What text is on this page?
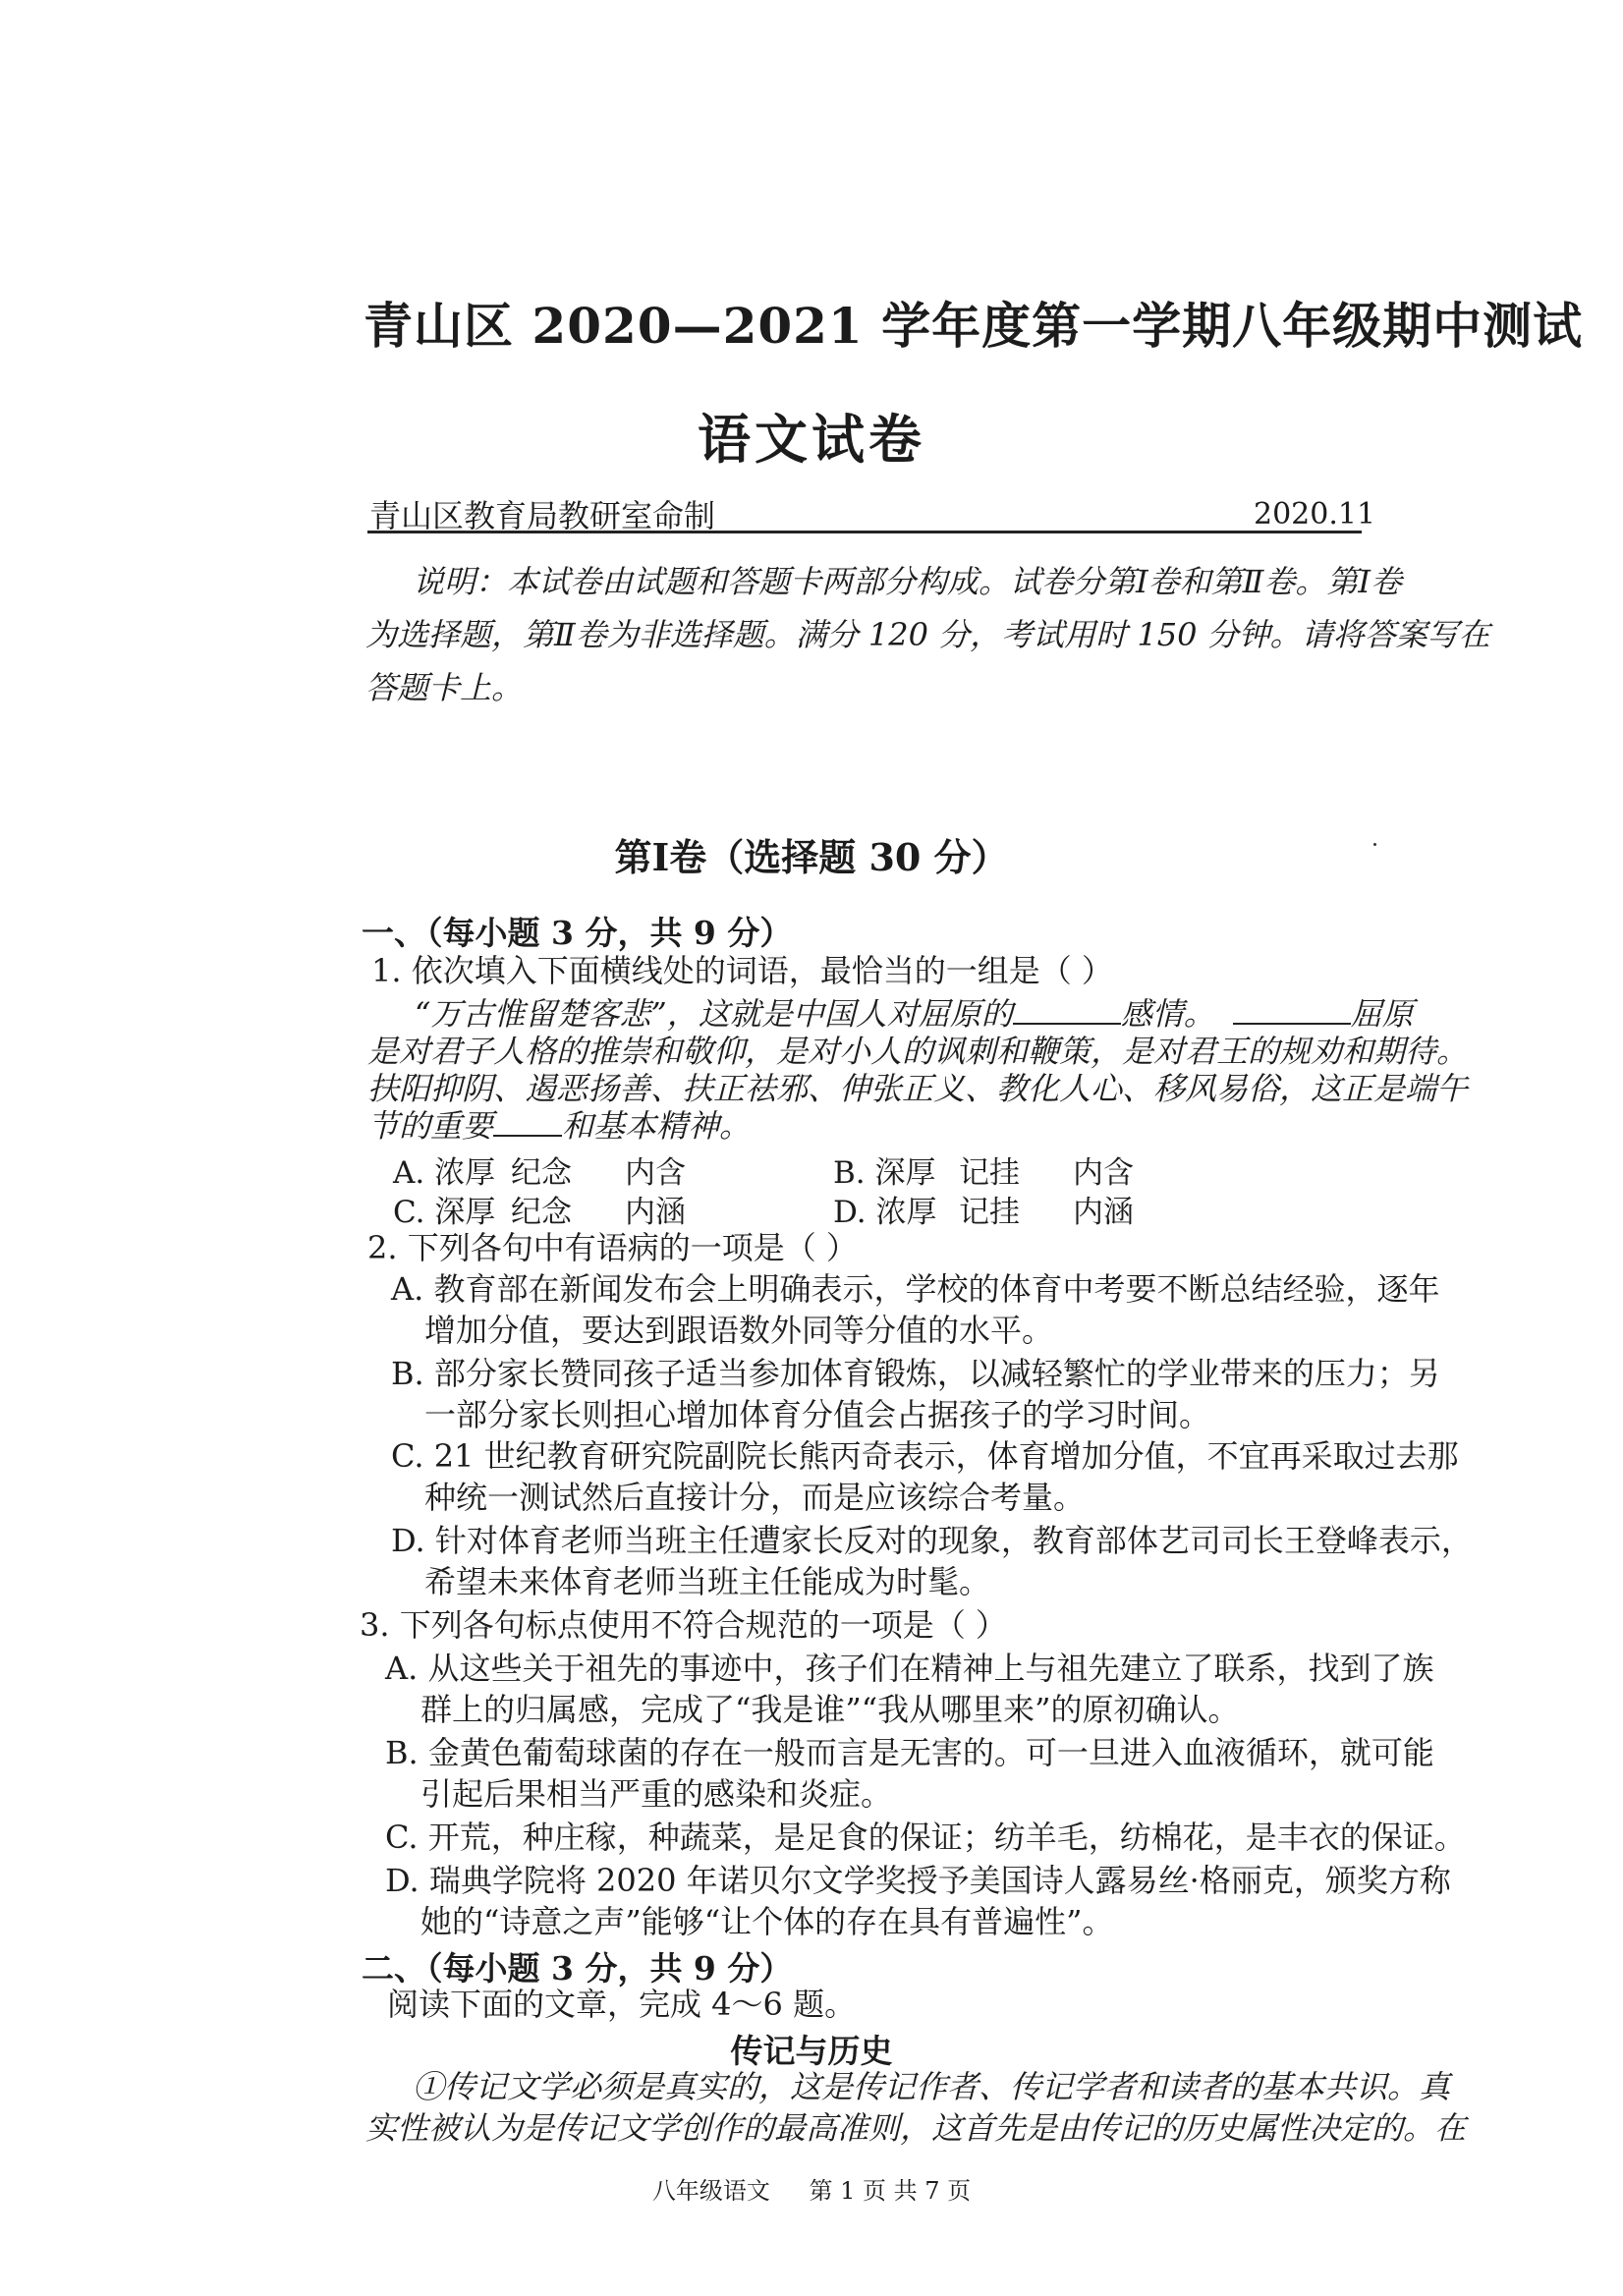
青山区 2020—2021 学年度第一学期八年级期中测试
语文试卷
青山区教育局教研室命制	2020.11
说明：本试卷由试题和答题卡两部分构成。试卷分第Ⅰ卷和第Ⅱ卷。第Ⅰ卷
为选择题，第Ⅱ卷为非选择题。满分 120 分，考试用时 150 分钟。请将答案写在
答题卡上。
第Ⅰ卷（选择题 30 分）
一、（每小题 3 分，共 9 分）
1. 依次填入下面横线处的词语，最恰当的一组是（ ）
“万古惟留楚客悲”，这就是中国人对屈原的	感情。	屈原
是对君子人格的推崇和敬仰，是对小人的讽刺和鞭策，是对君王的规劝和期待。
扶阳抑阴、遏恶扬善、扶正祛邪、伸张正义、教化人心、移风易俗，这正是端午
节的重要 和基本精神。
A. 浓厚 纪念 内含	B. 深厚 记挂 内含
C. 深厚 纪念 内涵	D. 浓厚 记挂 内涵
2. 下列各句中有语病的一项是（ ）
A. 教育部在新闻发布会上明确表示，学校的体育中考要不断总结经验，逐年
增加分值，要达到跟语数外同等分值的水平。
B. 部分家长赞同孩子适当参加体育锻炼，以减轻繁忙的学业带来的压力；另
一部分家长则担心增加体育分值会占据孩子的学习时间。
C. 21 世纪教育研究院副院长熊丙奇表示，体育增加分值，不宜再采取过去那
种统一测试然后直接计分，而是应该综合考量。
D. 针对体育老师当班主任遭家长反对的现象，教育部体艺司司长王登峰表示，
希望未来体育老师当班主任能成为时髦。
3. 下列各句标点使用不符合规范的一项是（ ）
A. 从这些关于祖先的事迹中，孩子们在精神上与祖先建立了联系，找到了族
群上的归属感，完成了“我是谁”“我从哪里来”的原初确认。
B. 金黄色葡萄球菌的存在一般而言是无害的。可一旦进入血液循环，就可能
引起后果相当严重的感染和炎症。
C. 开荒，种庄稼，种蔬菜，是足食的保证；纺羊毛，纺棉花，是丰衣的保证。
D. 瑞典学院将 2020 年诺贝尔文学奖授予美国诗人露易丝·格丽克，颁奖方称
她的“诗意之声”能够“让个体的存在具有普遍性”。
八年级语文 第 1 页 共 7 页
二、（每小题 3 分，共 9 分）
阅读下面的文章，完成 4～6 题。
传记与历史
①传记文学必须是真实的，这是传记作者、传记学者和读者的基本共识。真
实性被认为是传记文学创作的最高准则，这首先是由传记的历史属性决定的。在
